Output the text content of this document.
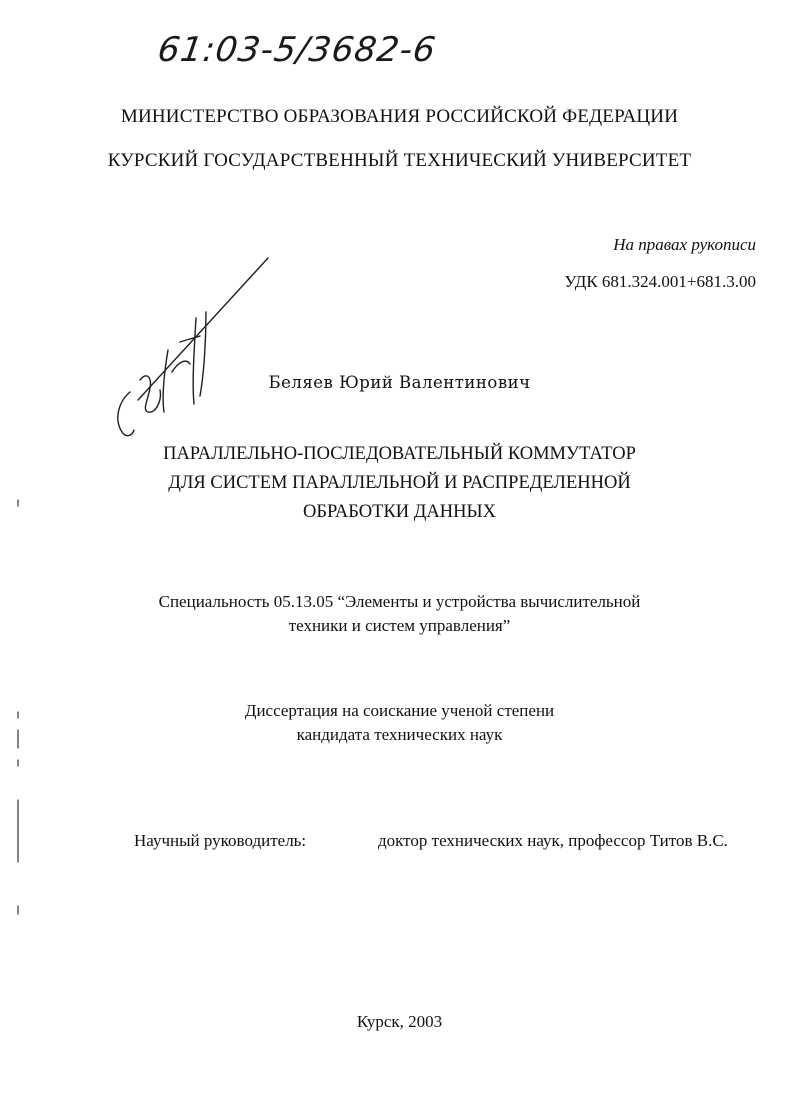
61:03-5/3682-6
МИНИСТЕРСТВО ОБРАЗОВАНИЯ РОССИЙСКОЙ ФЕДЕРАЦИИ
КУРСКИЙ ГОСУДАРСТВЕННЫЙ ТЕХНИЧЕСКИЙ УНИВЕРСИТЕТ
На правах рукописи
УДК 681.324.001+681.3.00
Беляев Юрий Валентинович
ПАРАЛЛЕЛЬНО-ПОСЛЕДОВАТЕЛЬНЫЙ КОММУТАТОР
ДЛЯ СИСТЕМ ПАРАЛЛЕЛЬНОЙ И РАСПРЕДЕЛЕННОЙ
ОБРАБОТКИ ДАННЫХ
Специальность 05.13.05 “Элементы и устройства вычислительной
техники и систем управления”
Диссертация на соискание ученой степени
кандидата технических наук
Научный руководитель:	доктор технических наук, профессор Титов В.С.
Курск, 2003
